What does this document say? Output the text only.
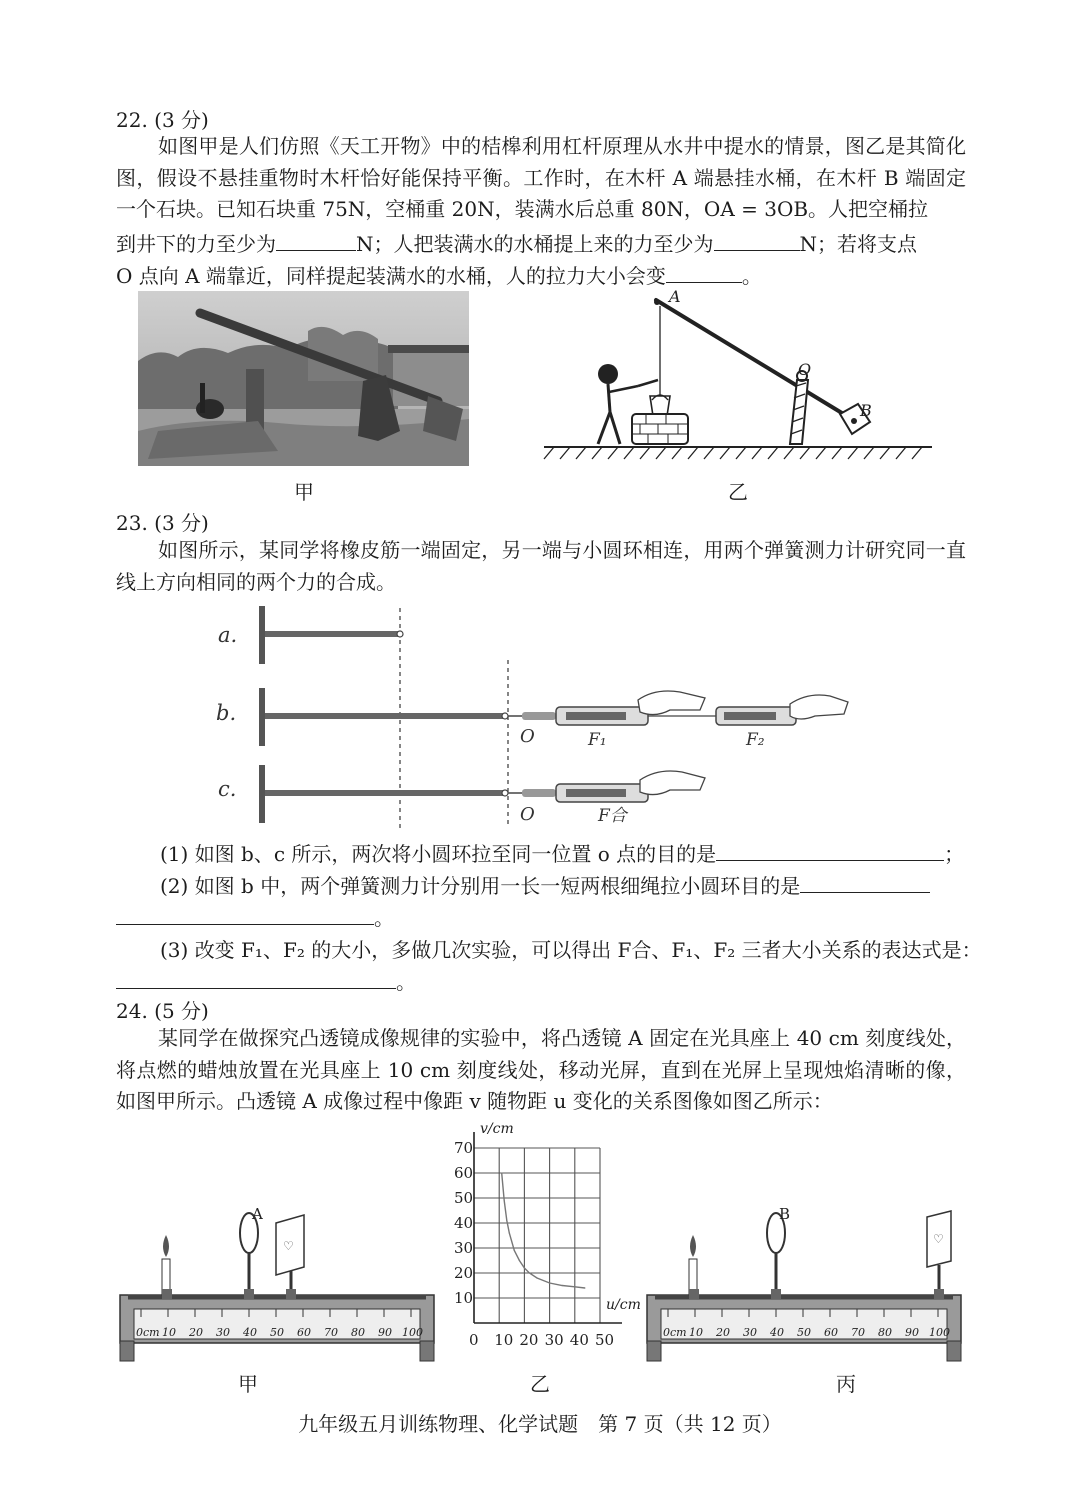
22. (3 分)
如图甲是人们仿照《天工开物》中的桔槔利用杠杆原理从水井中提水的情景，图乙是其简化图，假设不悬挂重物时木杆恰好能保持平衡。工作时，在木杆 A 端悬挂水桶，在木杆 B 端固定一个石块。已知石块重 75N，空桶重 20N，装满水后总重 80N，OA = 3OB。人把空桶拉
到井下的力至少为	N；人把装满水的水桶提上来的力至少为	N；若将支点
O 点向 A 端靠近，同样提起装满水的水桶，人的拉力大小会变	。
甲
A
O
B
乙
23. (3 分)
如图所示，某同学将橡皮筋一端固定，另一端与小圆环相连，用两个弹簧测力计研究同一直线上方向相同的两个力的合成。
a.
b.
c.
O
O
F₁	F₂
F合
(1) 如图 b、c 所示，两次将小圆环拉至同一位置 o 点的目的是	；
(2) 如图 b 中，两个弹簧测力计分别用一长一短两根细绳拉小圆环目的是
。
(3) 改变 F₁、F₂ 的大小，多做几次实验，可以得出 F合、F₁、F₂ 三者大小关系的表达式是：
。
24. (5 分)
某同学在做探究凸透镜成像规律的实验中，将凸透镜 A 固定在光具座上 40 cm 刻度线处，将点燃的蜡烛放置在光具座上 10 cm 刻度线处，移动光屏，直到在光屏上呈现烛焰清晰的像，如图甲所示。凸透镜 A 成像过程中像距 v 随物距 u 变化的关系图像如图乙所示：
0cm 10 20 30 40 50 60 70 80 90 100
♡
A
甲
0 10 20 30 40 50
10
20
30
40
50
60
70
v/cm
u/cm
乙
0cm 10 20 30 40 50 60 70 80 90 100
♡
B
丙
九年级五月训练物理、化学试题　第 7 页（共 12 页）
